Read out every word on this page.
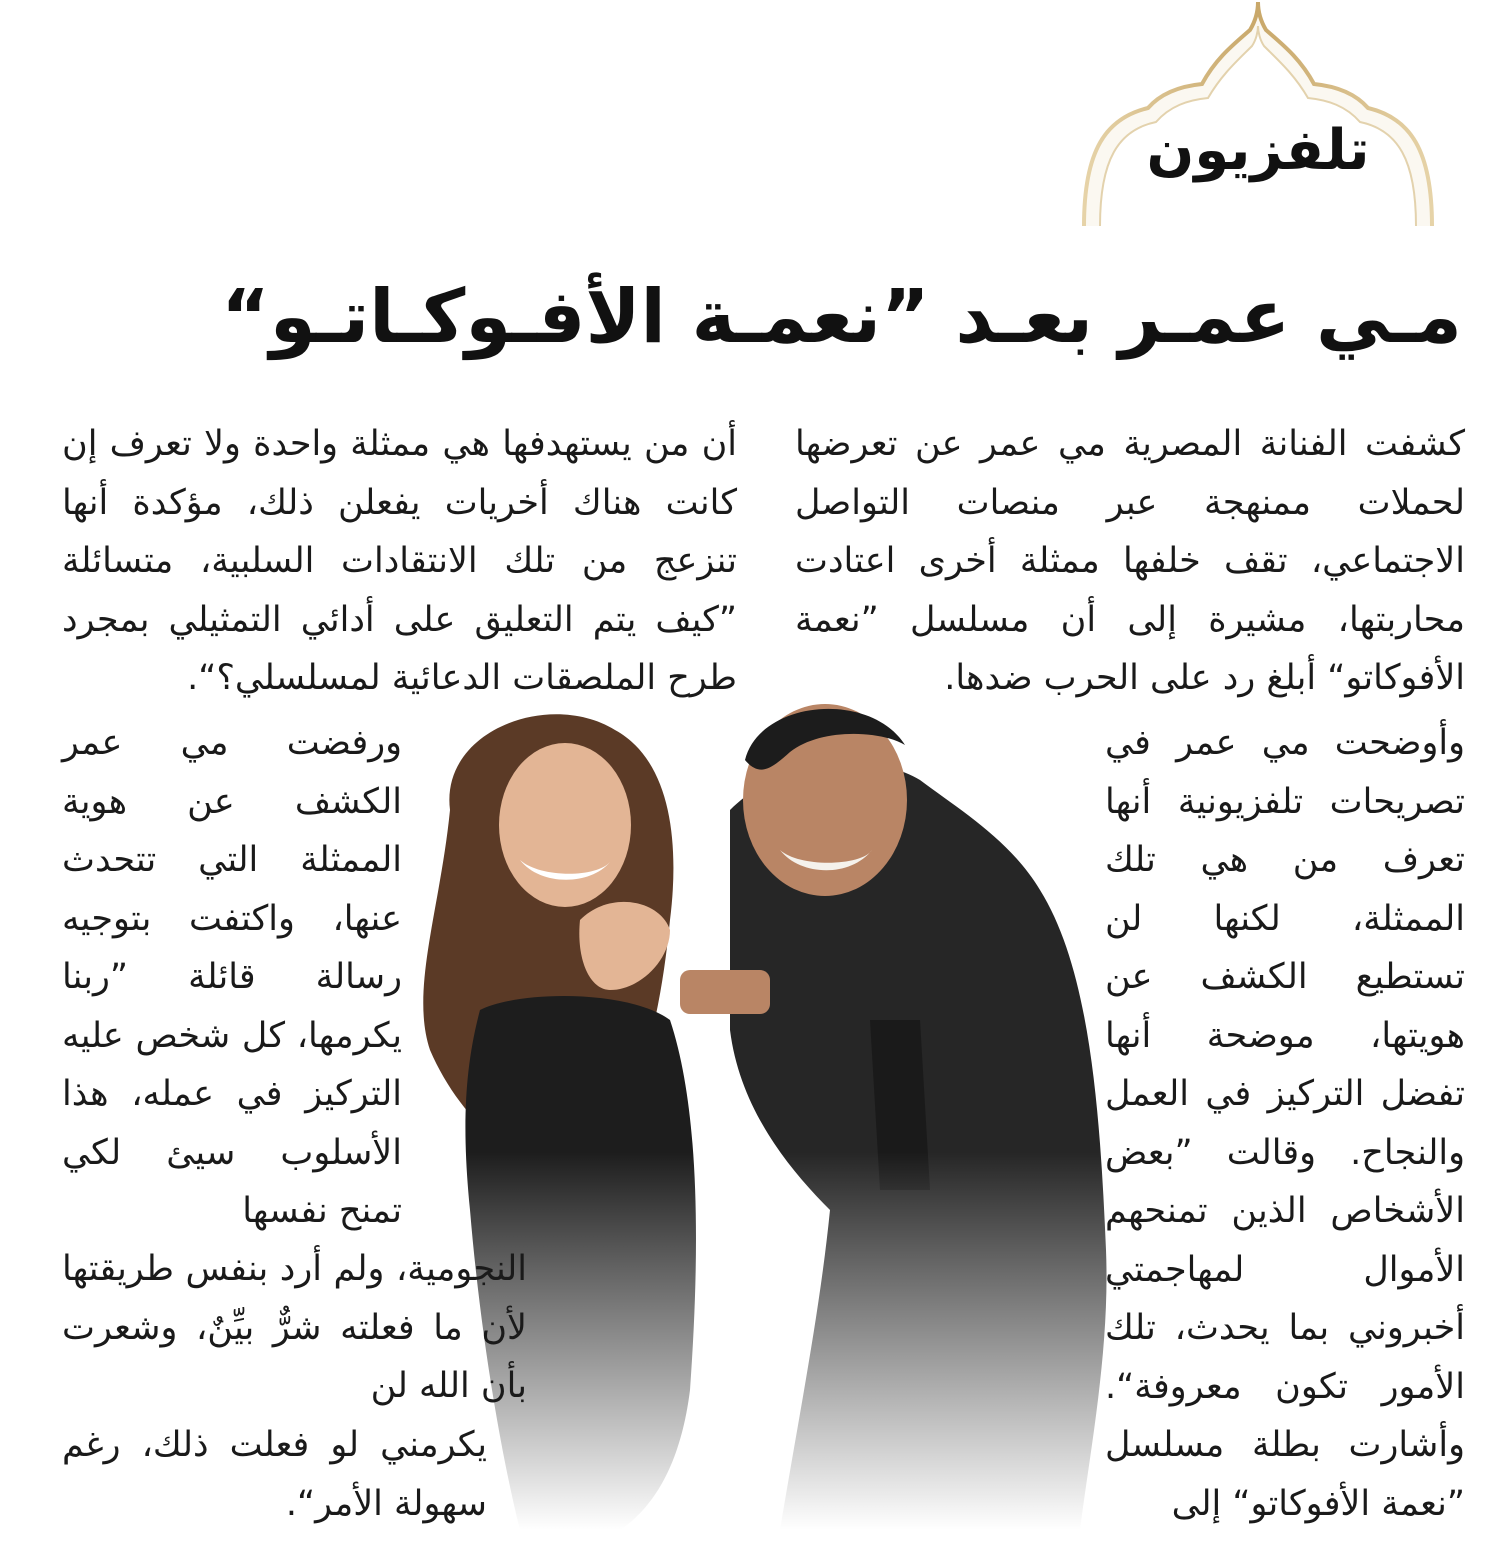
تلفزيون
مـي عمـر بعـد ”نعمـة الأفـوكـاتـو“

كشفت الفنانة المصرية مي عمر عن تعرضها لحملات ممنهجة عبر منصات التواصل الاجتماعي، تقف خلفها ممثلة أخرى اعتادت محاربتها، مشيرة إلى أن مسلسل ”نعمة الأفوكاتو“ أبلغ رد على الحرب ضدها.

وأوضحت مي عمر في تصريحات تلفزيونية أنها تعرف من هي تلك الممثلة، لكنها لن تستطيع الكشف عن هويتها، موضحة أنها تفضل التركيز في العمل والنجاح. وقالت ”بعض الأشخاص الذين تمنحهم الأموال لمهاجمتي أخبروني بما يحدث، تلك الأمور تكون معروفة“. وأشارت بطلة مسلسل ”نعمة الأفوكاتو“ إلى

أن من يستهدفها هي ممثلة واحدة ولا تعرف إن كانت هناك أخريات يفعلن ذلك، مؤكدة أنها تنزعج من تلك الانتقادات السلبية، متسائلة ”كيف يتم التعليق على أدائي التمثيلي بمجرد طرح الملصقات الدعائية لمسلسلي؟“.

ورفضت مي عمر الكشف عن هوية الممثلة التي تتحدث عنها، واكتفت بتوجيه رسالة قائلة ”ربنا يكرمها، كل شخص عليه التركيز في عمله، هذا الأسلوب سيئ لكي تمنح نفسها

النجومية، ولم أرد بنفس طريقتها لأن ما فعلته شرٌّ بيِّنٌ، وشعرت بأن الله لن

يكرمني لو فعلت ذلك، رغم سهولة الأمر“.
